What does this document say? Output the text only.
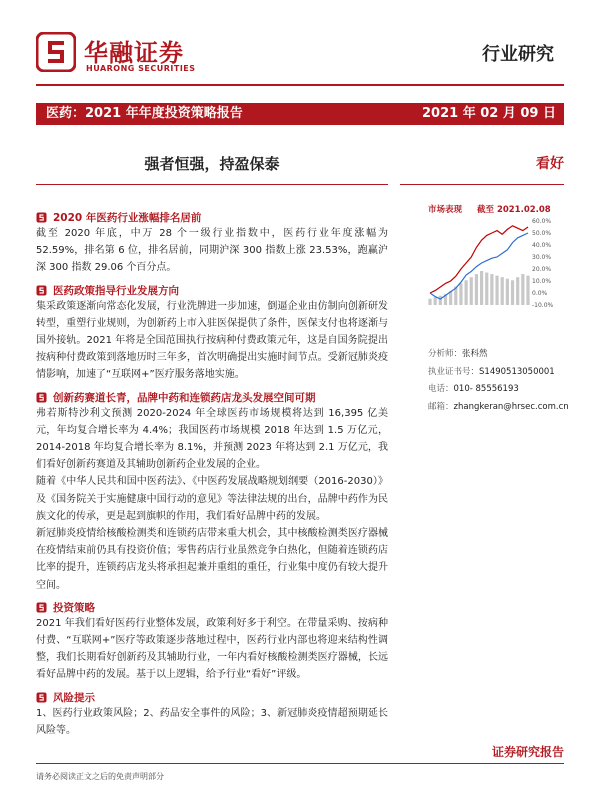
华融证券
HUARONG SECURITIES
行业研究
医药：2021 年年度投资策略报告	2021 年 02 月 09 日
强者恒强，持盈保泰	看好
2020 年医药行业涨幅排名居前

截至 2020 年底，中万 28 个一级行业指数中，医药行业年度涨幅为 52.59%，排名第 6 位，排名居前，同期沪深 300 指数上涨 23.53%，跑赢沪深 300 指数 29.06 个百分点。

医药政策指导行业发展方向

集采政策逐渐向常态化发展，行业洗牌进一步加速，倒逼企业由仿制向创新研发转型，重塑行业规则，为创新药上市入驻医保提供了条件，医保支付也将逐渐与国外接轨。2021 年将是全国范围执行按病种付费政策元年，这是自国务院提出按病种付费政策到落地历时三年多，首次明确提出实施时间节点。受新冠肺炎疫情影响，加速了“互联网+”医疗服务落地实施。

创新药赛道长青，品牌中药和连锁药店龙头发展空间可期

弗若斯特沙利文预测 2020-2024 年全球医药市场规模将达到 16,395 亿美元，年均复合增长率为 4.4%；我国医药市场规模 2018 年达到 1.5 万亿元，2014-2018 年均复合增长率为 8.1%，并预测 2023 年将达到 2.1 万亿元，我们看好创新药赛道及其辅助创新药企业发展的企业。

随着《中华人民共和国中医药法》、《中医药发展战略规划纲要（2016-2030）》及《国务院关于实施健康中国行动的意见》等法律法规的出台，品牌中药作为民族文化的传承，更是起到旗帜的作用，我们看好品牌中药的发展。

新冠肺炎疫情给核酸检测类和连锁药店带来重大机会，其中核酸检测类医疗器械在疫情结束前仍具有投资价值；零售药店行业虽然竞争白热化，但随着连锁药店比率的提升，连锁药店龙头将承担起兼并重组的重任，行业集中度仍有较大提升空间。

投资策略

2021 年我们看好医药行业整体发展，政策利好多于利空。在带量采购、按病种付费、“互联网+”医疗等政策逐步落地过程中，医药行业内部也将迎来结构性调整，我们长期看好创新药及其辅助行业，一年内看好核酸检测类医疗器械，长远看好品牌中药的发展。基于以上逻辑，给予行业“看好”评级。

风险提示

1、医药行业政策风险；2、药品安全事件的风险；3、新冠肺炎疫情超预期延长风险等。

市场表现 截至 2021.02.08
60.0%
50.0%
40.0%
30.0%
20.0%
10.0%
0.0%
-10.0%
分析师：张科然
执业证书号：S1490513050001
电话：010- 85556193
邮箱：zhangkeran@hrsec.com.cn
证券研究报告
请务必阅读正文之后的免责声明部分
